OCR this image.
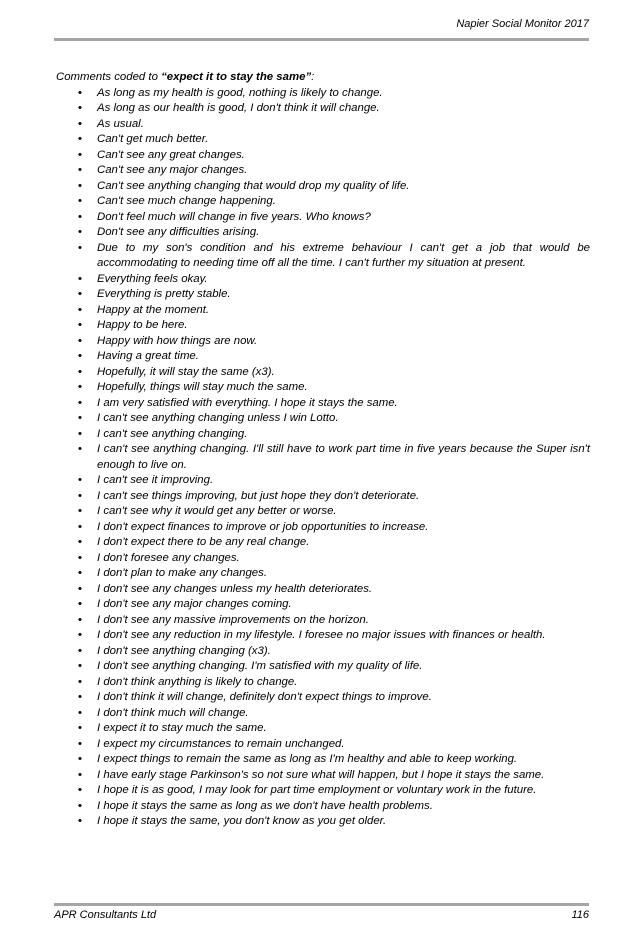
Napier Social Monitor 2017
Comments coded to “expect it to stay the same”:
• As long as my health is good, nothing is likely to change.
• As long as our health is good, I don't think it will change.
• As usual.
• Can't get much better.
• Can't see any great changes.
• Can't see any major changes.
• Can't see anything changing that would drop my quality of life.
• Can't see much change happening.
• Don't feel much will change in five years. Who knows?
• Don't see any difficulties arising.
• Due to my son's condition and his extreme behaviour I can't get a job that would be accommodating to needing time off all the time. I can't further my situation at present.
• Everything feels okay.
• Everything is pretty stable.
• Happy at the moment.
• Happy to be here.
• Happy with how things are now.
• Having a great time.
• Hopefully, it will stay the same (x3).
• Hopefully, things will stay much the same.
• I am very satisfied with everything. I hope it stays the same.
• I can't see anything changing unless I win Lotto.
• I can't see anything changing.
• I can't see anything changing. I'll still have to work part time in five years because the Super isn't enough to live on.
• I can't see it improving.
• I can't see things improving, but just hope they don't deteriorate.
• I can't see why it would get any better or worse.
• I don't expect finances to improve or job opportunities to increase.
• I don't expect there to be any real change.
• I don't foresee any changes.
• I don't plan to make any changes.
• I don't see any changes unless my health deteriorates.
• I don't see any major changes coming.
• I don't see any massive improvements on the horizon.
• I don't see any reduction in my lifestyle. I foresee no major issues with finances or health.
• I don't see anything changing (x3).
• I don't see anything changing. I'm satisfied with my quality of life.
• I don't think anything is likely to change.
• I don't think it will change, definitely don't expect things to improve.
• I don't think much will change.
• I expect it to stay much the same.
• I expect my circumstances to remain unchanged.
• I expect things to remain the same as long as I'm healthy and able to keep working.
• I have early stage Parkinson's so not sure what will happen, but I hope it stays the same.
• I hope it is as good, I may look for part time employment or voluntary work in the future.
• I hope it stays the same as long as we don't have health problems.
• I hope it stays the same, you don't know as you get older.
APR Consultants Ltd	116
